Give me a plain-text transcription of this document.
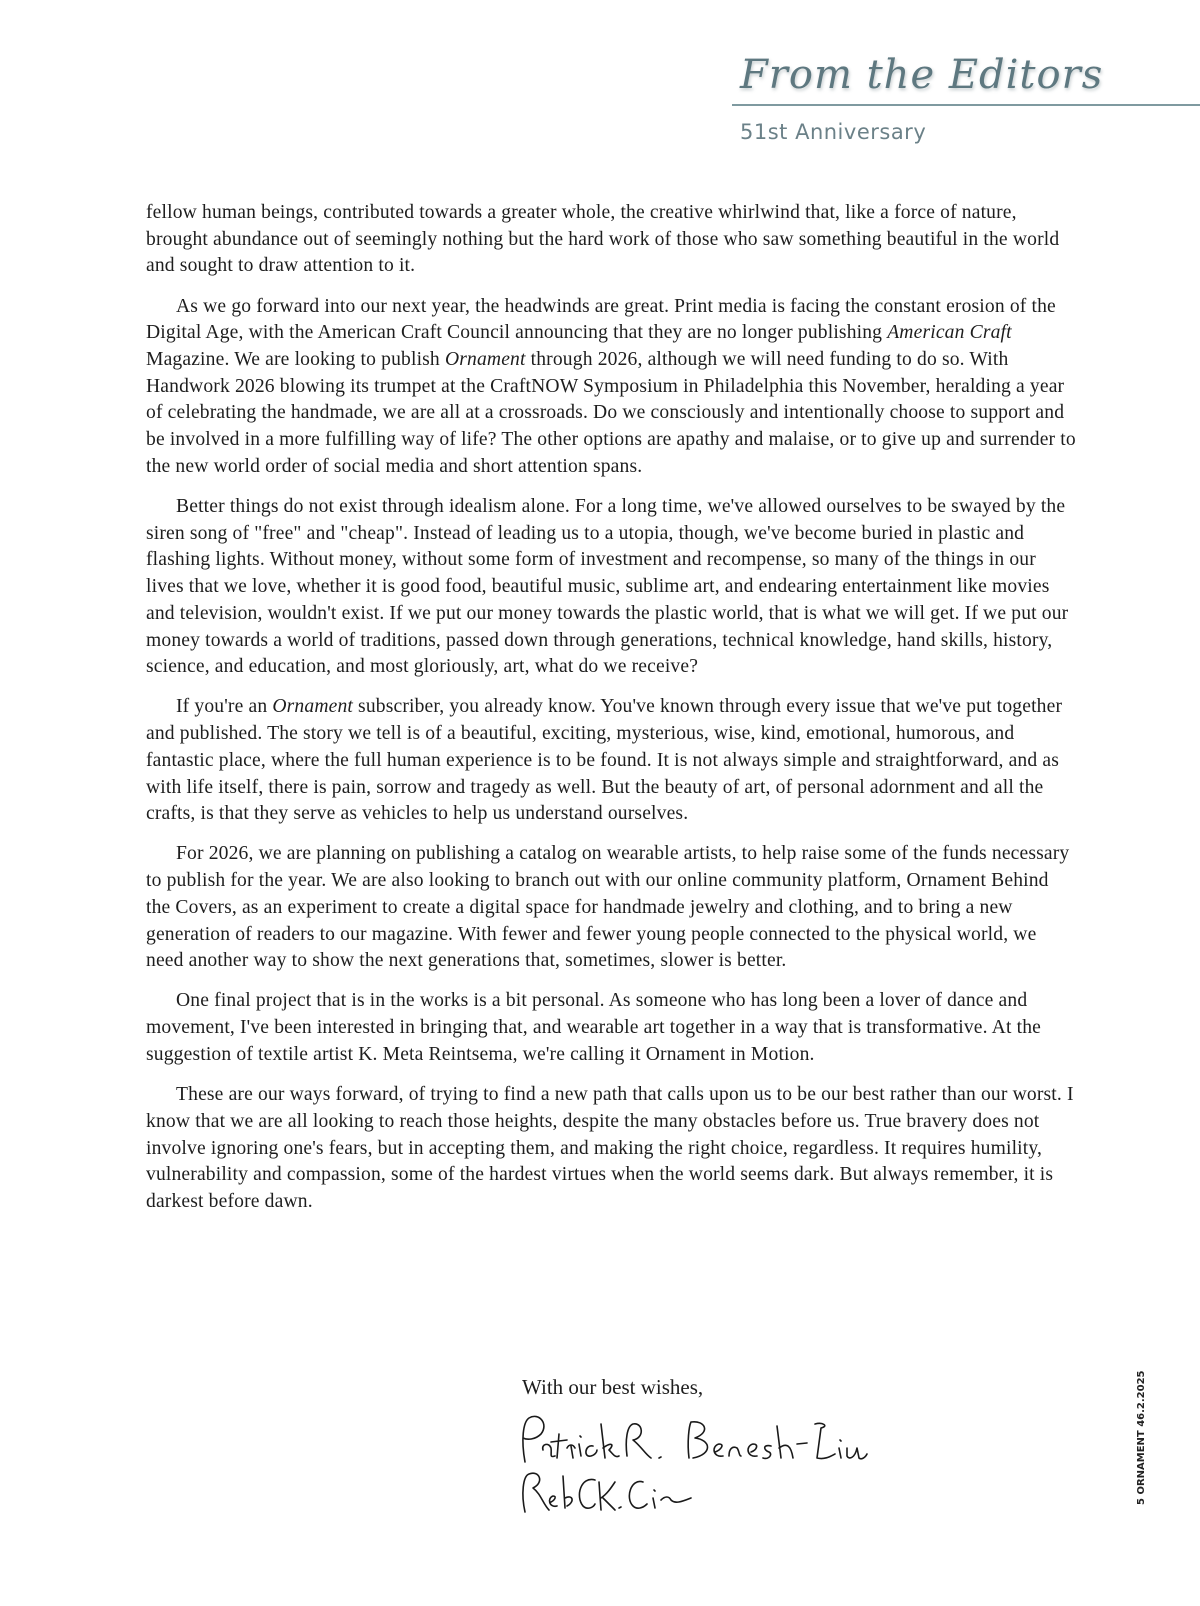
From the Editors
51st Anniversary

fellow human beings, contributed towards a greater whole, the creative whirlwind that, like a force of nature, brought abundance out of seemingly nothing but the hard work of those who saw something beautiful in the world and sought to draw attention to it.

As we go forward into our next year, the headwinds are great. Print media is facing the constant erosion of the Digital Age, with the American Craft Council announcing that they are no longer publishing American Craft Magazine. We are looking to publish Ornament through 2026, although we will need funding to do so. With Handwork 2026 blowing its trumpet at the CraftNOW Symposium in Philadelphia this November, heralding a year of celebrating the handmade, we are all at a crossroads. Do we consciously and intentionally choose to support and be involved in a more fulfilling way of life? The other options are apathy and malaise, or to give up and surrender to the new world order of social media and short attention spans.

Better things do not exist through idealism alone. For a long time, we've allowed ourselves to be swayed by the siren song of "free" and "cheap". Instead of leading us to a utopia, though, we've become buried in plastic and flashing lights. Without money, without some form of investment and recompense, so many of the things in our lives that we love, whether it is good food, beautiful music, sublime art, and endearing entertainment like movies and television, wouldn't exist. If we put our money towards the plastic world, that is what we will get. If we put our money towards a world of traditions, passed down through generations, technical knowledge, hand skills, history, science, and education, and most gloriously, art, what do we receive?

If you're an Ornament subscriber, you already know. You've known through every issue that we've put together and published. The story we tell is of a beautiful, exciting, mysterious, wise, kind, emotional, humorous, and fantastic place, where the full human experience is to be found. It is not always simple and straightforward, and as with life itself, there is pain, sorrow and tragedy as well. But the beauty of art, of personal adornment and all the crafts, is that they serve as vehicles to help us understand ourselves.

For 2026, we are planning on publishing a catalog on wearable artists, to help raise some of the funds necessary to publish for the year. We are also looking to branch out with our online community platform, Ornament Behind the Covers, as an experiment to create a digital space for handmade jewelry and clothing, and to bring a new generation of readers to our magazine. With fewer and fewer young people connected to the physical world, we need another way to show the next generations that, sometimes, slower is better.

One final project that is in the works is a bit personal. As someone who has long been a lover of dance and movement, I've been interested in bringing that, and wearable art together in a way that is transformative. At the suggestion of textile artist K. Meta Reintsema, we're calling it Ornament in Motion.

These are our ways forward, of trying to find a new path that calls upon us to be our best rather than our worst. I know that we are all looking to reach those heights, despite the many obstacles before us. True bravery does not involve ignoring one's fears, but in accepting them, and making the right choice, regardless. It requires humility, vulnerability and compassion, some of the hardest virtues when the world seems dark. But always remember, it is darkest before dawn.

With our best wishes,	5 ORNAMENT 46.2.2025
